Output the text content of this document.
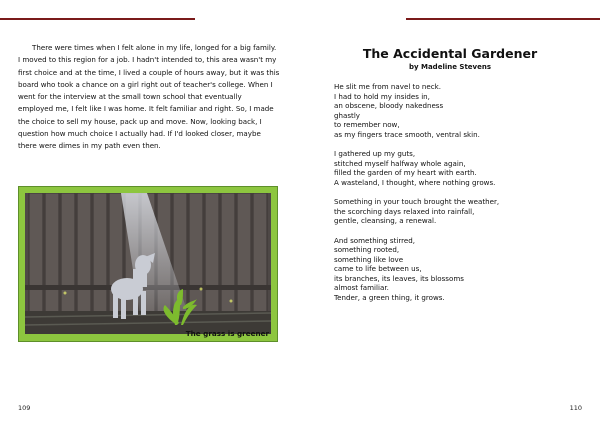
There were times when I felt alone in my life, longed for a big family.
I moved to this region for a job. I hadn't intended to, this area wasn't my
first choice and at the time, I lived a couple of hours away, but it was this
board who took a chance on a girl right out of teacher's college. When I
went for the interview at the small town school that eventually
employed me, I felt like I was home. It felt familiar and right. So, I made
the choice to sell my house, pack up and move. Now, looking back, I
question how much choice I actually had. If I'd looked closer, maybe
there were dimes in my path even then.

The grass is greener
109
The Accidental Gardener

by Madeline Stevens

He slit me from navel to neck.
I had to hold my insides in,
an obscene, bloody nakedness
ghastly
to remember now,
as my fingers trace smooth, ventral skin.

I gathered up my guts,
stitched myself halfway whole again,
filled the garden of my heart with earth.
A wasteland, I thought, where nothing grows.

Something in your touch brought the weather,
the scorching days relaxed into rainfall,
gentle, cleansing, a renewal.

And something stirred,
something rooted,
something like love
came to life between us,
its branches, its leaves, its blossoms
almost familiar.
Tender, a green thing, it grows.

110
